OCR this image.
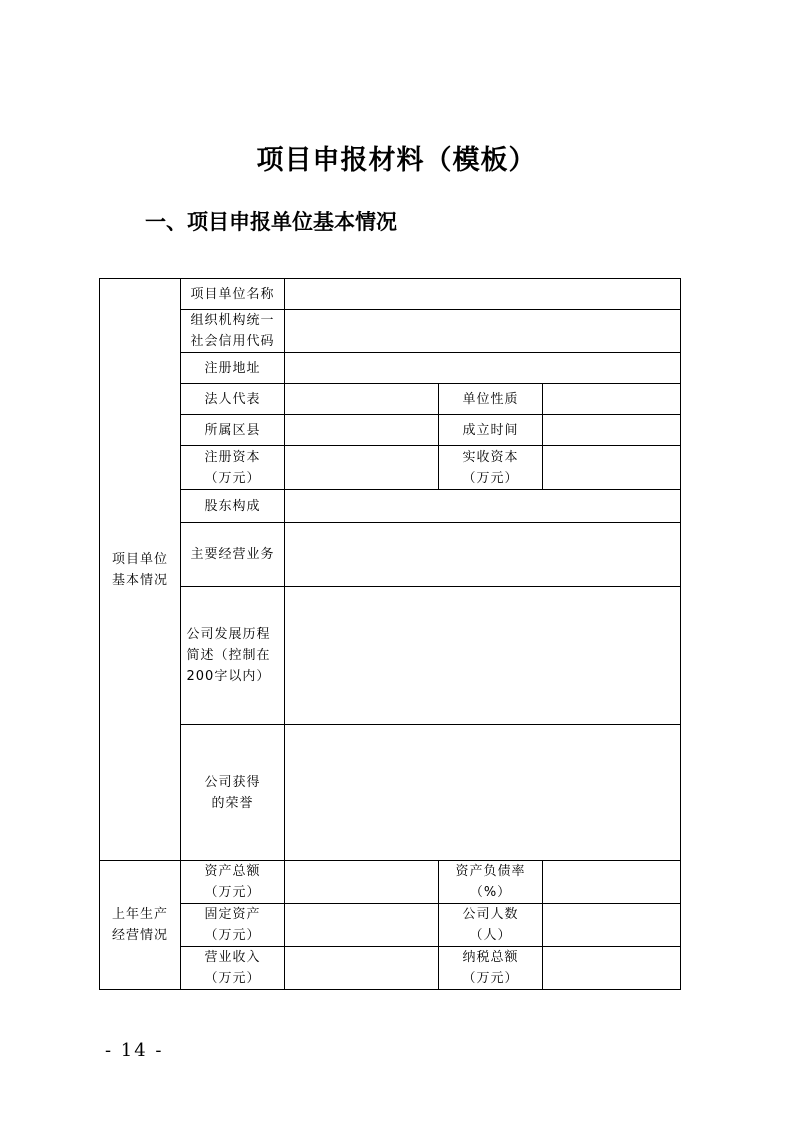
项目申报材料（模板）
一、项目申报单位基本情况
项目单位基本情况	项目单位名称			

	组织机构统一社会信用代码			

	注册地址			
	法人代表		单位性质	
	所属区县		成立时间	

	注册资本（万元）		实收资本（万元）	

	股东构成			
	主要经营业务			

	公司发展历程简述（控制在200字以内）			

	公司获得的荣誉			

上年生产经营情况	资产总额（万元）		资产负债率（%）	

	固定资产（万元）		公司人数（人）	

	营业收入（万元）		纳税总额（万元）	

- 14 -
